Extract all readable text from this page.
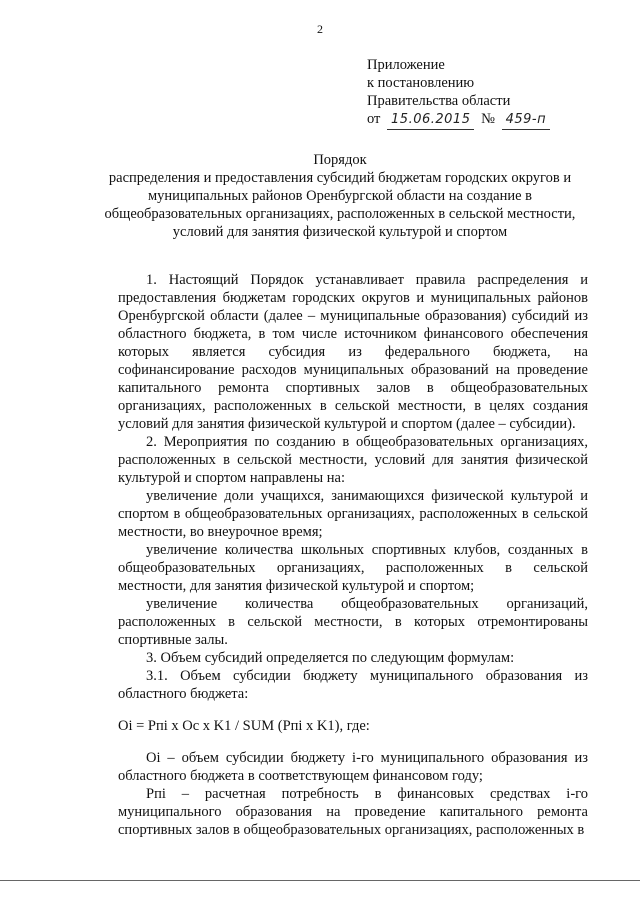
2
Приложение
к постановлению
Правительства области
от 15.06.2015 № 459-п
Порядок
распределения и предоставления субсидий бюджетам городских округов и
муниципальных районов Оренбургской области на создание в
общеобразовательных организациях, расположенных в сельской местности,
условий для занятия физической культурой и спортом

1. Настоящий Порядок устанавливает правила распределения и предоставления бюджетам городских округов и муниципальных районов Оренбургской области (далее – муниципальные образования) субсидий из областного бюджета, в том числе источником финансового обеспечения которых является субсидия из федерального бюджета, на софинансирование расходов муниципальных образований на проведение капитального ремонта спортивных залов в общеобразовательных организациях, расположенных в сельской местности, в целях создания условий для занятия физической культурой и спортом (далее – субсидии).

2. Мероприятия по созданию в общеобразовательных организациях, расположенных в сельской местности, условий для занятия физической культурой и спортом направлены на:

увеличение доли учащихся, занимающихся физической культурой и спортом в общеобразовательных организациях, расположенных в сельской местности, во внеурочное время;

увеличение количества школьных спортивных клубов, созданных в общеобразовательных организациях, расположенных в сельской местности, для занятия физической культурой и спортом;

увеличение количества общеобразовательных организаций, расположенных в сельской местности, в которых отремонтированы спортивные залы.

3. Объем субсидий определяется по следующим формулам:

3.1. Объем субсидии бюджету муниципального образования из областного бюджета:

Oi = Pпi x Oc x K1 / SUM (Pпi x K1), где:

Oi – объем субсидии бюджету i-го муниципального образования из областного бюджета в соответствующем финансовом году;

Pпi – расчетная потребность в финансовых средствах i-го муниципального образования на проведение капитального ремонта спортивных залов в общеобразовательных организациях, расположенных в
